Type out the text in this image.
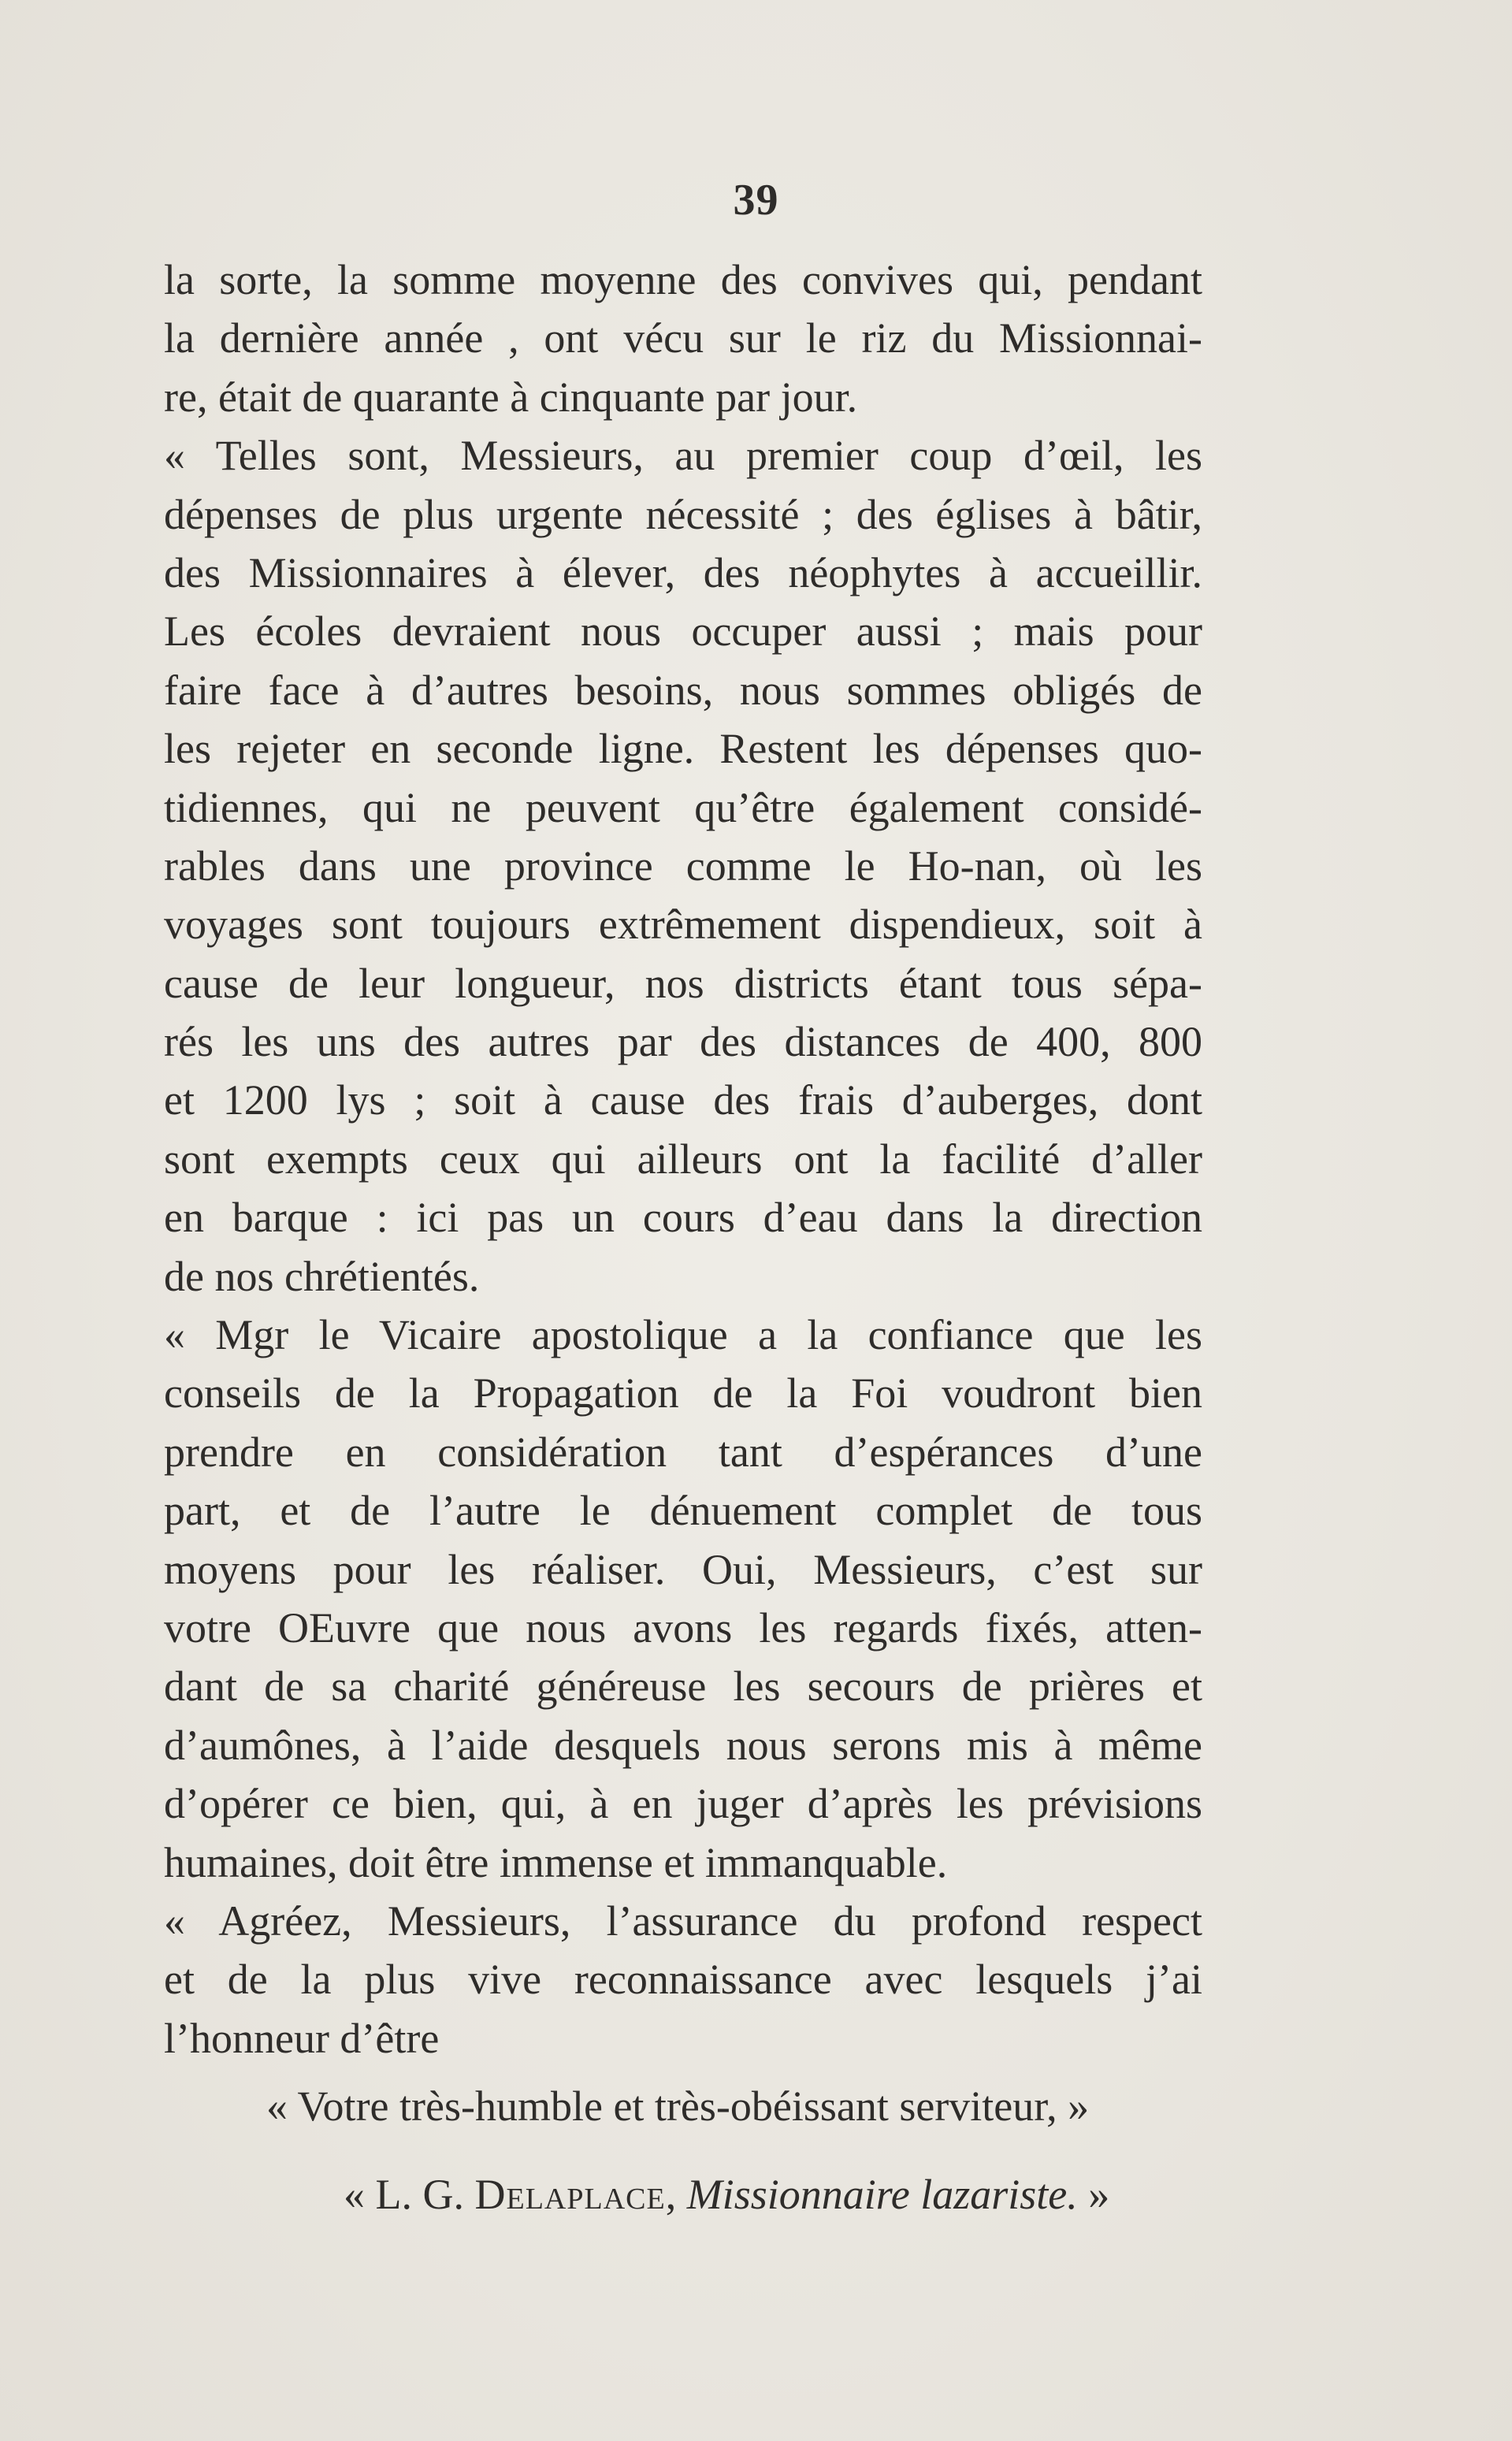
39
la sorte, la somme moyenne des convives qui, pendant
la dernière année , ont vécu sur le riz du Missionnai-
re, était de quarante à cinquante par jour.
« Telles sont, Messieurs, au premier coup d’œil, les
dépenses de plus urgente nécessité ; des églises à bâtir,
des Missionnaires à élever, des néophytes à accueillir.
Les écoles devraient nous occuper aussi ; mais pour
faire face à d’autres besoins, nous sommes obligés de
les rejeter en seconde ligne. Restent les dépenses quo-
tidiennes, qui ne peuvent qu’être également considé-
rables dans une province comme le Ho-nan, où les
voyages sont toujours extrêmement dispendieux, soit à
cause de leur longueur, nos districts étant tous sépa-
rés les uns des autres par des distances de 400, 800
et 1200 lys ; soit à cause des frais d’auberges, dont
sont exempts ceux qui ailleurs ont la facilité d’aller
en barque : ici pas un cours d’eau dans la direction
de nos chrétientés.
« Mgr le Vicaire apostolique a la confiance que les
conseils de la Propagation de la Foi voudront bien
prendre en considération tant d’espérances d’une
part, et de l’autre le dénuement complet de tous
moyens pour les réaliser. Oui, Messieurs, c’est sur
votre OEuvre que nous avons les regards fixés, atten-
dant de sa charité généreuse les secours de prières et
d’aumônes, à l’aide desquels nous serons mis à même
d’opérer ce bien, qui, à en juger d’après les prévisions
humaines, doit être immense et immanquable.
« Agréez, Messieurs, l’assurance du profond respect
et de la plus vive reconnaissance avec lesquels j’ai
l’honneur d’être
« Votre très-humble et très-obéissant serviteur, »
« L. G. Delaplace, Missionnaire lazariste. »
